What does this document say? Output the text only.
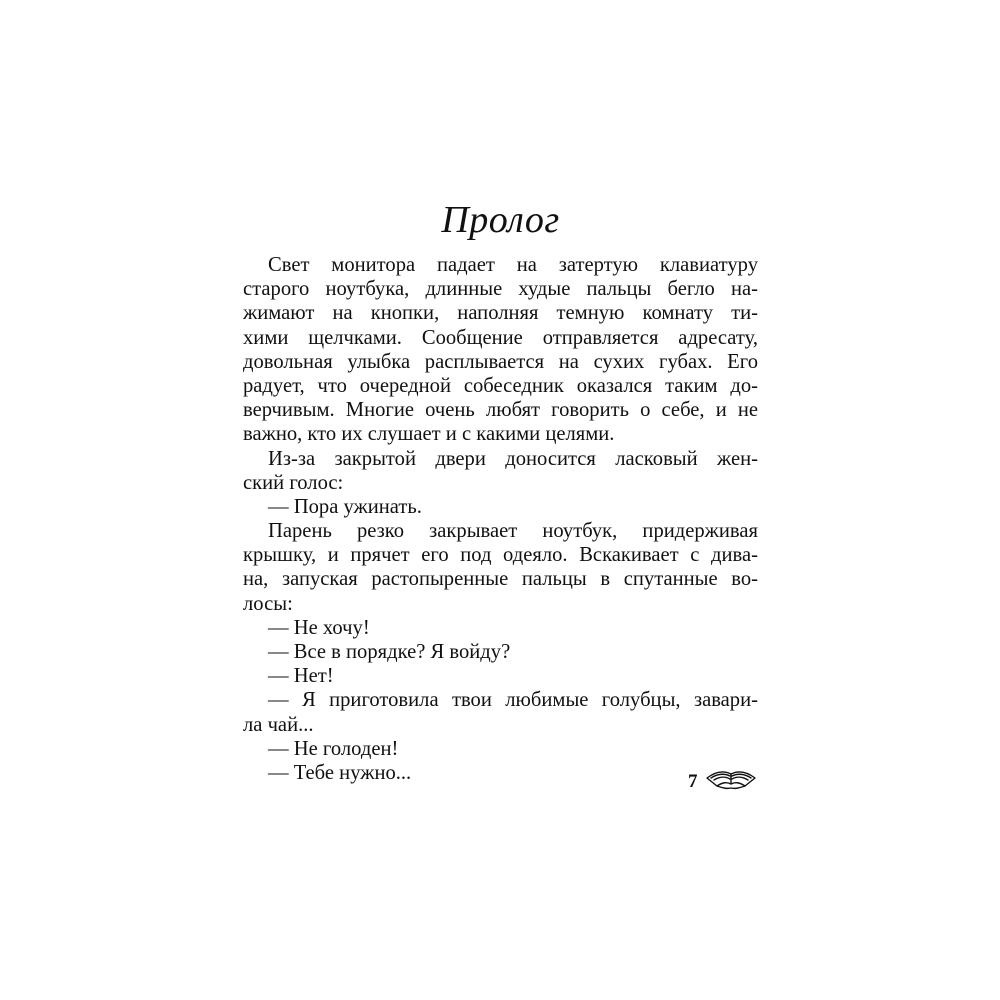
Пролог
Свет монитора падает на затертую клавиатуру
старого ноутбука, длинные худые пальцы бегло на-
жимают на кнопки, наполняя темную комнату ти-
хими щелчками. Сообщение отправляется адресату,
довольная улыбка расплывается на сухих губах. Его
радует, что очередной собеседник оказался таким до-
верчивым. Многие очень любят говорить о себе, и не
важно, кто их слушает и с какими целями.
Из-за закрытой двери доносится ласковый жен-
ский голос:
— Пора ужинать.
Парень резко закрывает ноутбук, придерживая
крышку, и прячет его под одеяло. Вскакивает с дива-
на, запуская растопыренные пальцы в спутанные во-
лосы:
— Не хочу!
— Все в порядке? Я войду?
— Нет!
— Я приготовила твои любимые голубцы, завари-
ла чай...
— Не голоден!
— Тебе нужно...	7
